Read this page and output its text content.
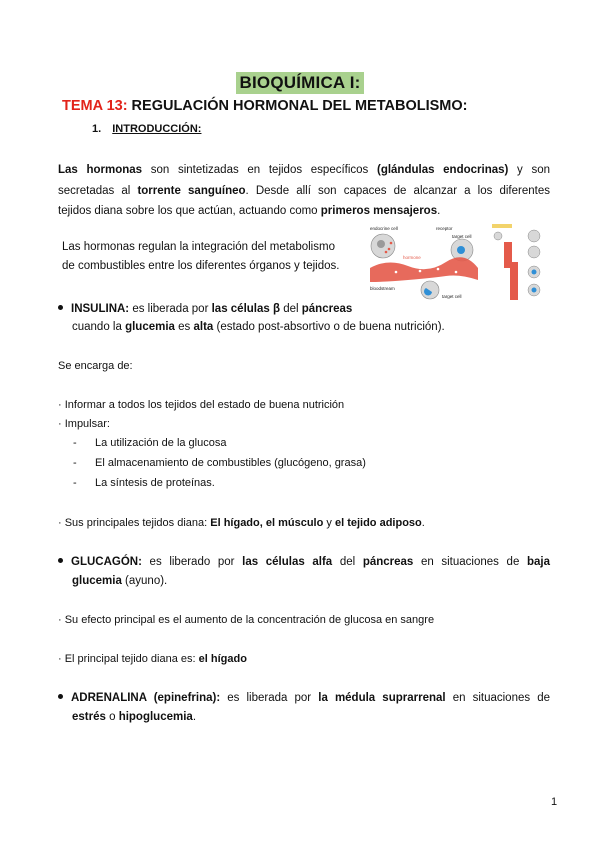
BIOQUÍMICA I:
TEMA 13: REGULACIÓN HORMONAL DEL METABOLISMO:
1. INTRODUCCIÓN:
Las hormonas son sintetizadas en tejidos específicos (glándulas endocrinas) y son
secretadas al torrente sanguíneo. Desde allí son capaces de alcanzar a los diferentes
tejidos diana sobre los que actúan, actuando como primeros mensajeros.
Las hormonas regulan la integración del metabolismo
de combustibles entre los diferentes órganos y tejidos.
endocrine cell	receptor
target cell
hormone
bloodstream
target cell
INSULINA: es liberada por las células β del páncreas
cuando la glucemia es alta (estado post-absortivo o de buena nutrición).
Se encarga de:
· Informar a todos los tejidos del estado de buena nutrición
· Impulsar:
- La utilización de la glucosa
- El almacenamiento de combustibles (glucógeno, grasa)
- La síntesis de proteínas.
· Sus principales tejidos diana: El hígado, el músculo y el tejido adiposo.
GLUCAGÓN: es liberado por las células alfa del páncreas en situaciones de baja
glucemia (ayuno).
· Su efecto principal es el aumento de la concentración de glucosa en sangre
· El principal tejido diana es: el hígado
ADRENALINA (epinefrina): es liberada por la médula suprarrenal en situaciones de
estrés o hipoglucemia.
1
